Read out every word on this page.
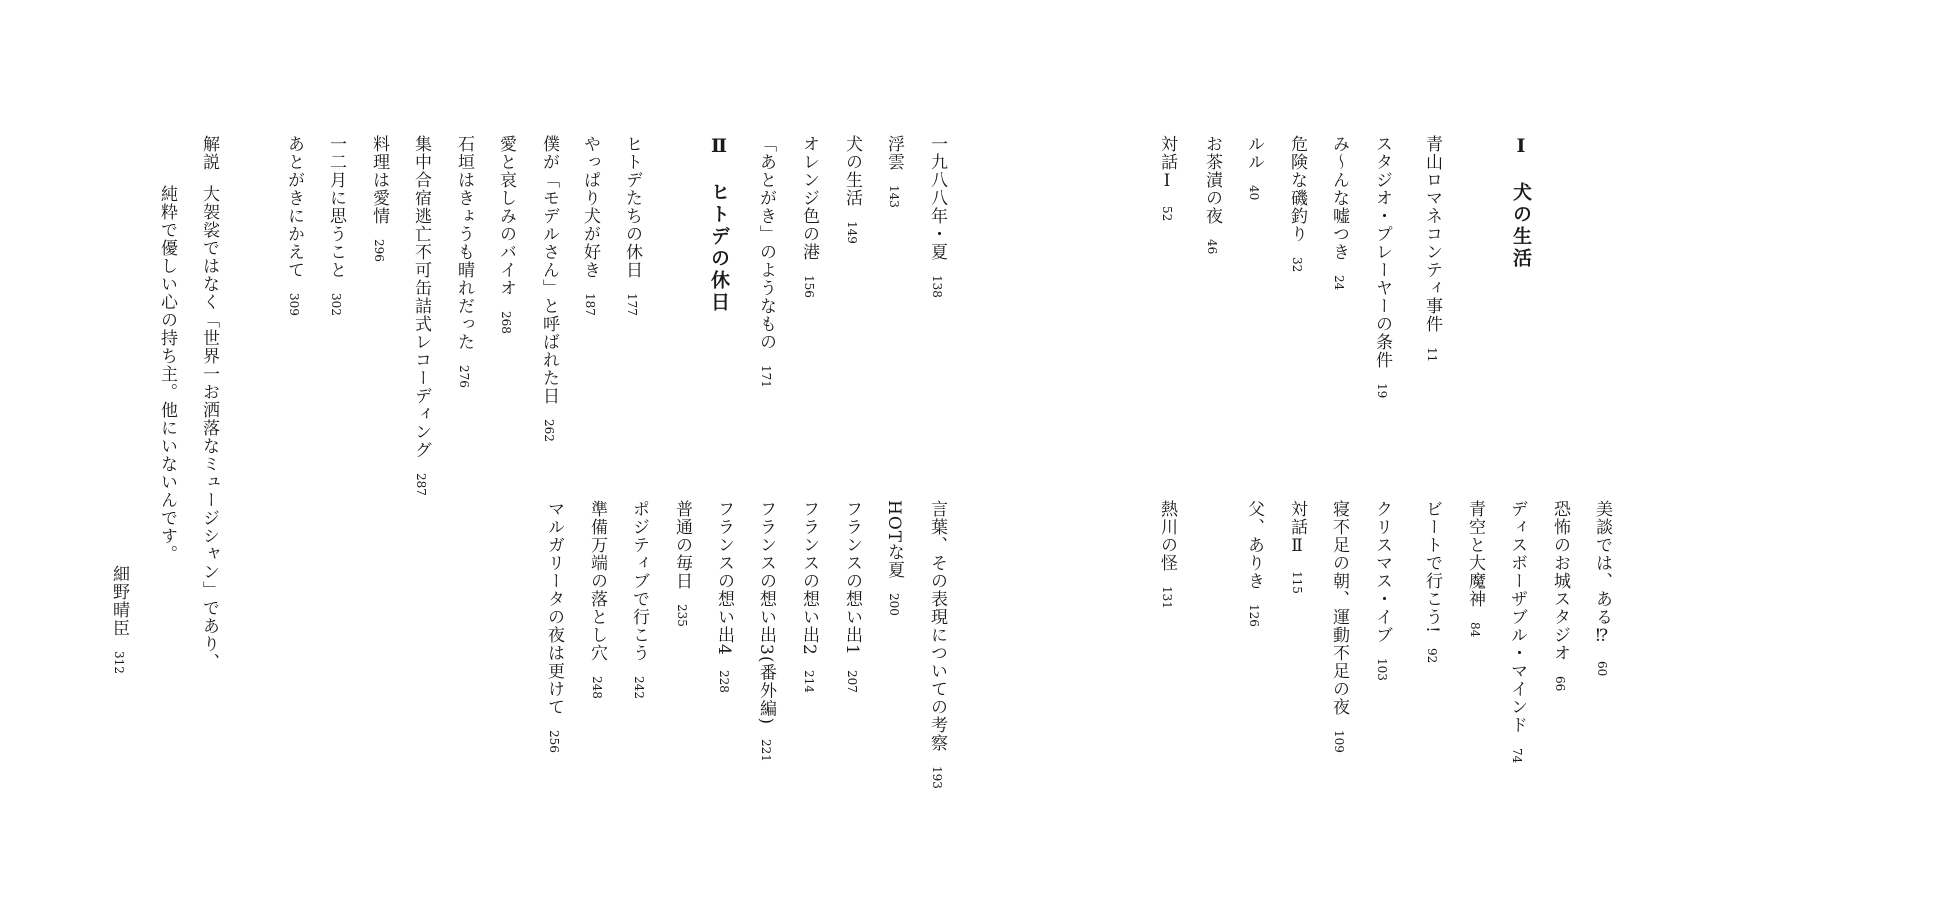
Ⅰ犬の生活
青山ロマネコンティ事件11
スタジオ・プレーヤーの条件19
み〜んな嘘つき24
危険な磯釣り32
ルル40
お茶漬の夜46
対話Ⅰ52
美談では、ある⁉60
恐怖のお城スタジオ66
ディスボーザブル・マインド74
青空と大魔神84
ビートで行こう!92
クリスマス・イブ103
寝不足の朝、運動不足の夜109
対話Ⅱ115
父、ありき126
熱川の怪131
一九八八年・夏138
浮雲143
犬の生活149
オレンジ色の港156
「あとがき」のようなもの171
言葉、その表現についての考察193
HOTな夏200
フランスの想い出1207
フランスの想い出2214
フランスの想い出3(番外編)221
フランスの想い出4228
普通の毎日235
ポジティブで行こう242
準備万端の落とし穴248
マルガリータの夜は更けて256
Ⅱヒトデの休日
ヒトデたちの休日177
やっぱり犬が好き187
僕が「モデルさん」と呼ばれた日262
愛と哀しみのバイオ268
石垣はきょうも晴れだった276
集中合宿逃亡不可缶詰式レコーディング287
料理は愛情296
一二月に思うこと302
あとがきにかえて309
解説大袈裟ではなく「世界一お洒落なミュージシャン」であり、
純粋で優しい心の持ち主。他にいないんです。
細野晴臣312
